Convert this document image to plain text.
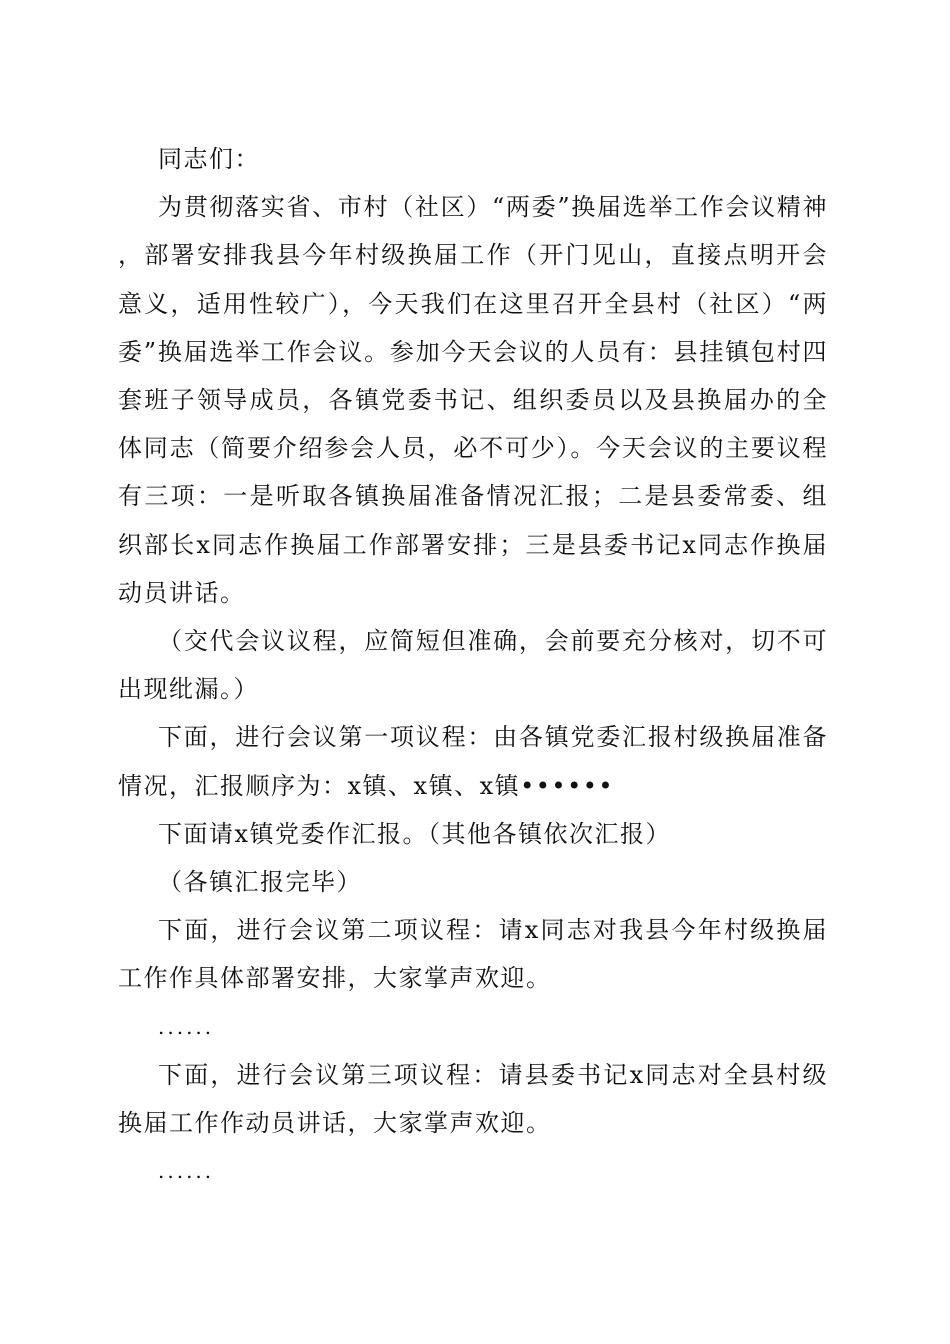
同志们：

为贯彻落实省、市村（社区）“两委”换届选举工作会议精神，部署安排我县今年村级换届工作（开门见山，直接点明开会意义，适用性较广），今天我们在这里召开全县村（社区）“两委”换届选举工作会议。参加今天会议的人员有：县挂镇包村四套班子领导成员，各镇党委书记、组织委员以及县换届办的全体同志（简要介绍参会人员，必不可少）。今天会议的主要议程有三项：一是听取各镇换届准备情况汇报；二是县委常委、组织部长x同志作换届工作部署安排；三是县委书记x同志作换届动员讲话。

（交代会议议程，应简短但准确，会前要充分核对，切不可出现纰漏。）

下面，进行会议第一项议程：由各镇党委汇报村级换届准备情况，汇报顺序为：x镇、x镇、x镇••••••

下面请x镇党委作汇报。（其他各镇依次汇报）

（各镇汇报完毕）

下面，进行会议第二项议程：请x同志对我县今年村级换届工作作具体部署安排，大家掌声欢迎。

......

下面，进行会议第三项议程：请县委书记x同志对全县村级换届工作作动员讲话，大家掌声欢迎。

......
